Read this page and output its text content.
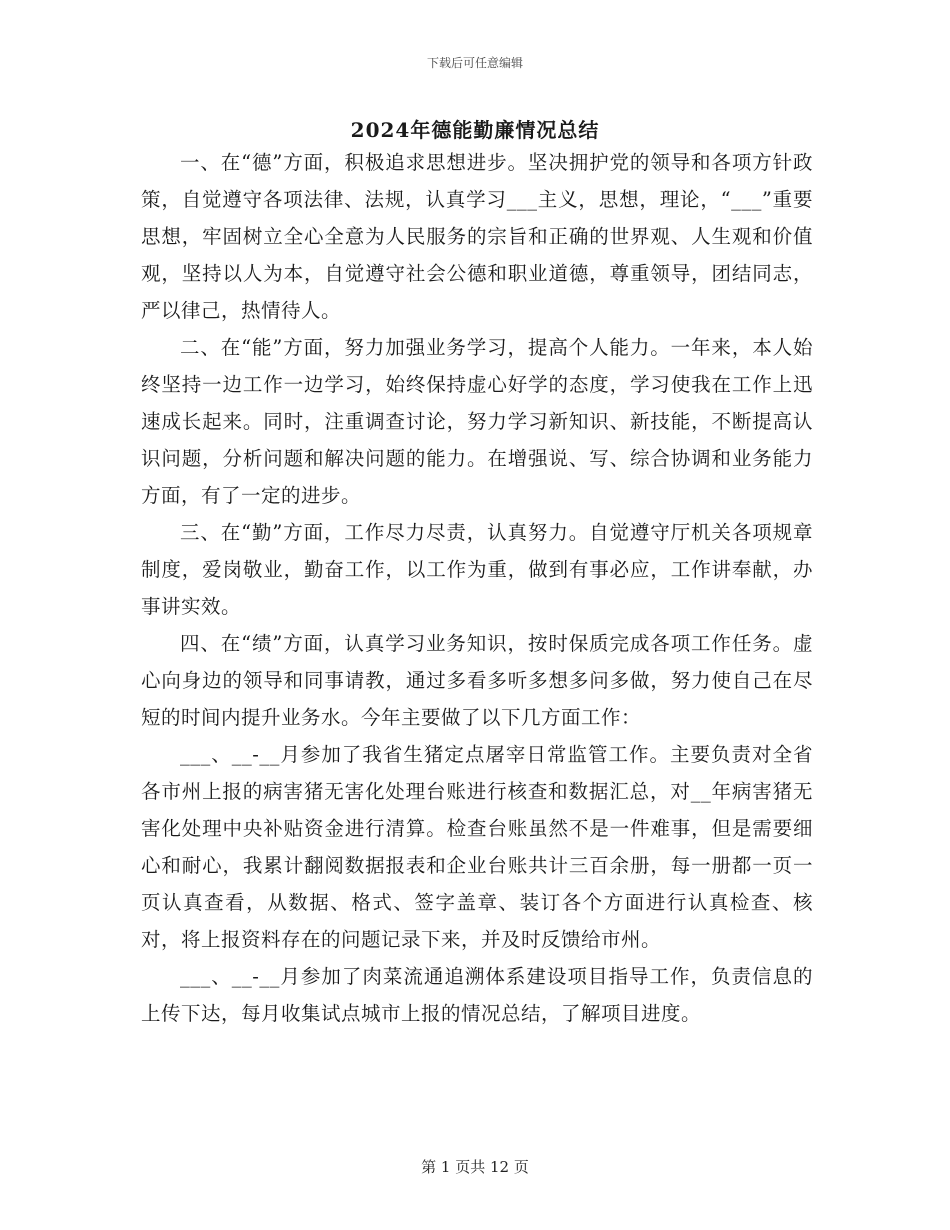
下载后可任意编辑
2024年德能勤廉情况总结

一、在“德”方面，积极追求思想进步。坚决拥护党的领导和各项方针政策，自觉遵守各项法律、法规，认真学习___主义，思想，理论，“___”重要思想，牢固树立全心全意为人民服务的宗旨和正确的世界观、人生观和价值观，坚持以人为本，自觉遵守社会公德和职业道德，尊重领导，团结同志，严以律己，热情待人。

二、在“能”方面，努力加强业务学习，提高个人能力。一年来，本人始终坚持一边工作一边学习，始终保持虚心好学的态度，学习使我在工作上迅速成长起来。同时，注重调查讨论，努力学习新知识、新技能，不断提高认识问题，分析问题和解决问题的能力。在增强说、写、综合协调和业务能力方面，有了一定的进步。

三、在“勤”方面，工作尽力尽责，认真努力。自觉遵守厅机关各项规章制度，爱岗敬业，勤奋工作，以工作为重，做到有事必应，工作讲奉献，办事讲实效。

四、在“绩”方面，认真学习业务知识，按时保质完成各项工作任务。虚心向身边的领导和同事请教，通过多看多听多想多问多做，努力使自己在尽短的时间内提升业务水。今年主要做了以下几方面工作：

___、__-__月参加了我省生猪定点屠宰日常监管工作。主要负责对全省各市州上报的病害猪无害化处理台账进行核查和数据汇总，对__年病害猪无害化处理中央补贴资金进行清算。检查台账虽然不是一件难事，但是需要细心和耐心，我累计翻阅数据报表和企业台账共计三百余册，每一册都一页一页认真查看，从数据、格式、签字盖章、装订各个方面进行认真检查、核对，将上报资料存在的问题记录下来，并及时反馈给市州。

___、__-__月参加了肉菜流通追溯体系建设项目指导工作，负责信息的上传下达，每月收集试点城市上报的情况总结，了解项目进度。

第 1 页共 12 页
